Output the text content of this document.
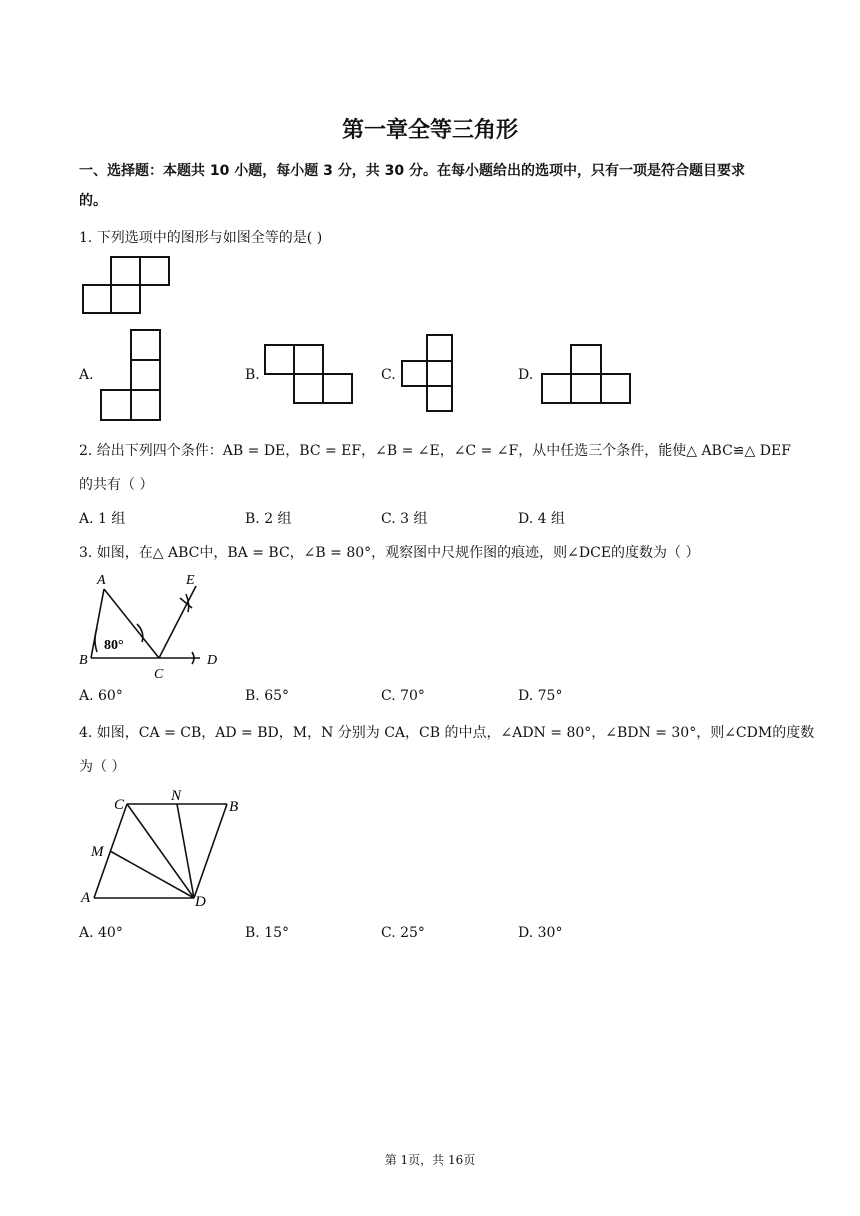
第一章全等三角形
一、选择题：本题共 10 小题，每小题 3 分，共 30 分。在每小题给出的选项中，只有一项是符合题目要求
的。
1. 下列选项中的图形与如图全等的是( )
A.	B.	C.	D.
2. 给出下列四个条件：AB = DE，BC = EF，∠B = ∠E，∠C = ∠F，从中任选三个条件，能使△ ABC≌△ DEF
的共有（ ）
A. 1 组	B. 2 组	C. 3 组	D. 4 组
3. 如图，在△ ABC中，BA = BC，∠B = 80°，观察图中尺规作图的痕迹，则∠DCE的度数为（ ）
A	E
B
C
D
80°
A. 60°	B. 65°	C. 70°	D. 75°
4. 如图，CA = CB，AD = BD，M，N 分别为 CA，CB 的中点，∠ADN = 80°，∠BDN = 30°，则∠CDM的度数
为（ ）
C
N
B
M
A	D
A. 40°	B. 15°	C. 25°	D. 30°
第 1页，共 16页
